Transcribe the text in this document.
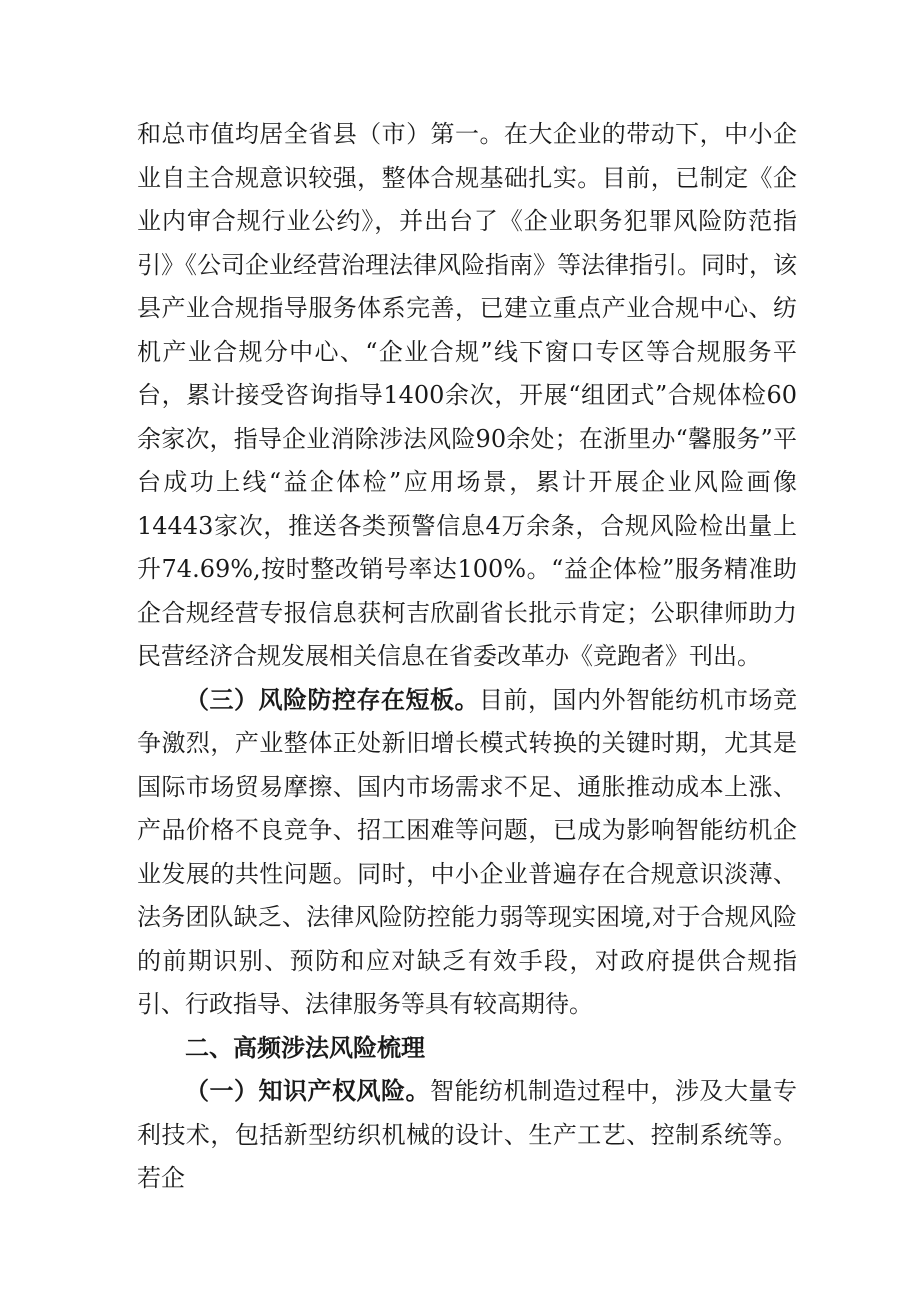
和总市值均居全省县（市）第一。在大企业的带动下，中小企业自主合规意识较强，整体合规基础扎实。目前，已制定《企业内审合规行业公约》，并出台了《企业职务犯罪风险防范指引》《公司企业经营治理法律风险指南》等法律指引。同时，该县产业合规指导服务体系完善，已建立重点产业合规中心、纺机产业合规分中心、“企业合规”线下窗口专区等合规服务平台，累计接受咨询指导1400余次，开展“组团式”合规体检60余家次，指导企业消除涉法风险90余处；在浙里办“馨服务”平台成功上线“益企体检”应用场景，累计开展企业风险画像14443家次，推送各类预警信息4万余条，合规风险检出量上升74.69%,按时整改销号率达100%。“益企体检”服务精准助企合规经营专报信息获柯吉欣副省长批示肯定；公职律师助力民营经济合规发展相关信息在省委改革办《竞跑者》刊出。

（三）风险防控存在短板。目前，国内外智能纺机市场竞争激烈，产业整体正处新旧增长模式转换的关键时期，尤其是国际市场贸易摩擦、国内市场需求不足、通胀推动成本上涨、产品价格不良竞争、招工困难等问题，已成为影响智能纺机企业发展的共性问题。同时，中小企业普遍存在合规意识淡薄、法务团队缺乏、法律风险防控能力弱等现实困境,对于合规风险的前期识别、预防和应对缺乏有效手段，对政府提供合规指引、行政指导、法律服务等具有较高期待。

二、高频涉法风险梳理

（一）知识产权风险。智能纺机制造过程中，涉及大量专利技术，包括新型纺织机械的设计、生产工艺、控制系统等。若企
